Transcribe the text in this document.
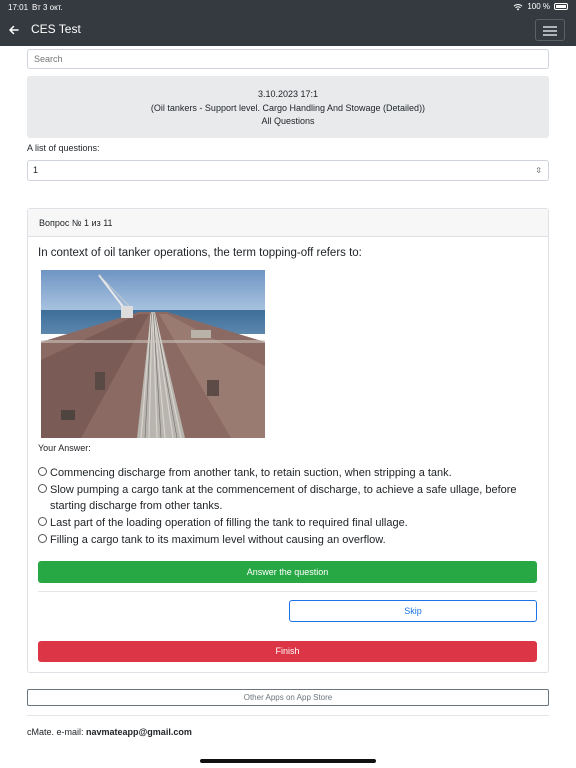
17:01 Вт 3 окт.	100 %
CES Test
Search
3.10.2023 17:1
(Oil tankers - Support level. Cargo Handling And Stowage (Detailed))
All Questions
A list of questions:
1	⇳
Вопрос № 1 из 11
In context of oil tanker operations, the term topping-off refers to:
Your Answer:
Commencing discharge from another tank, to retain suction, when stripping a tank.
Slow pumping a cargo tank at the commencement of discharge, to achieve a safe ullage, before starting discharge from other tanks.
Last part of the loading operation of filling the tank to required final ullage.
Filling a cargo tank to its maximum level without causing an overflow.
Answer the question
Skip
Finish
Other Apps on App Store
cMate. e-mail: navmateapp@gmail.com
